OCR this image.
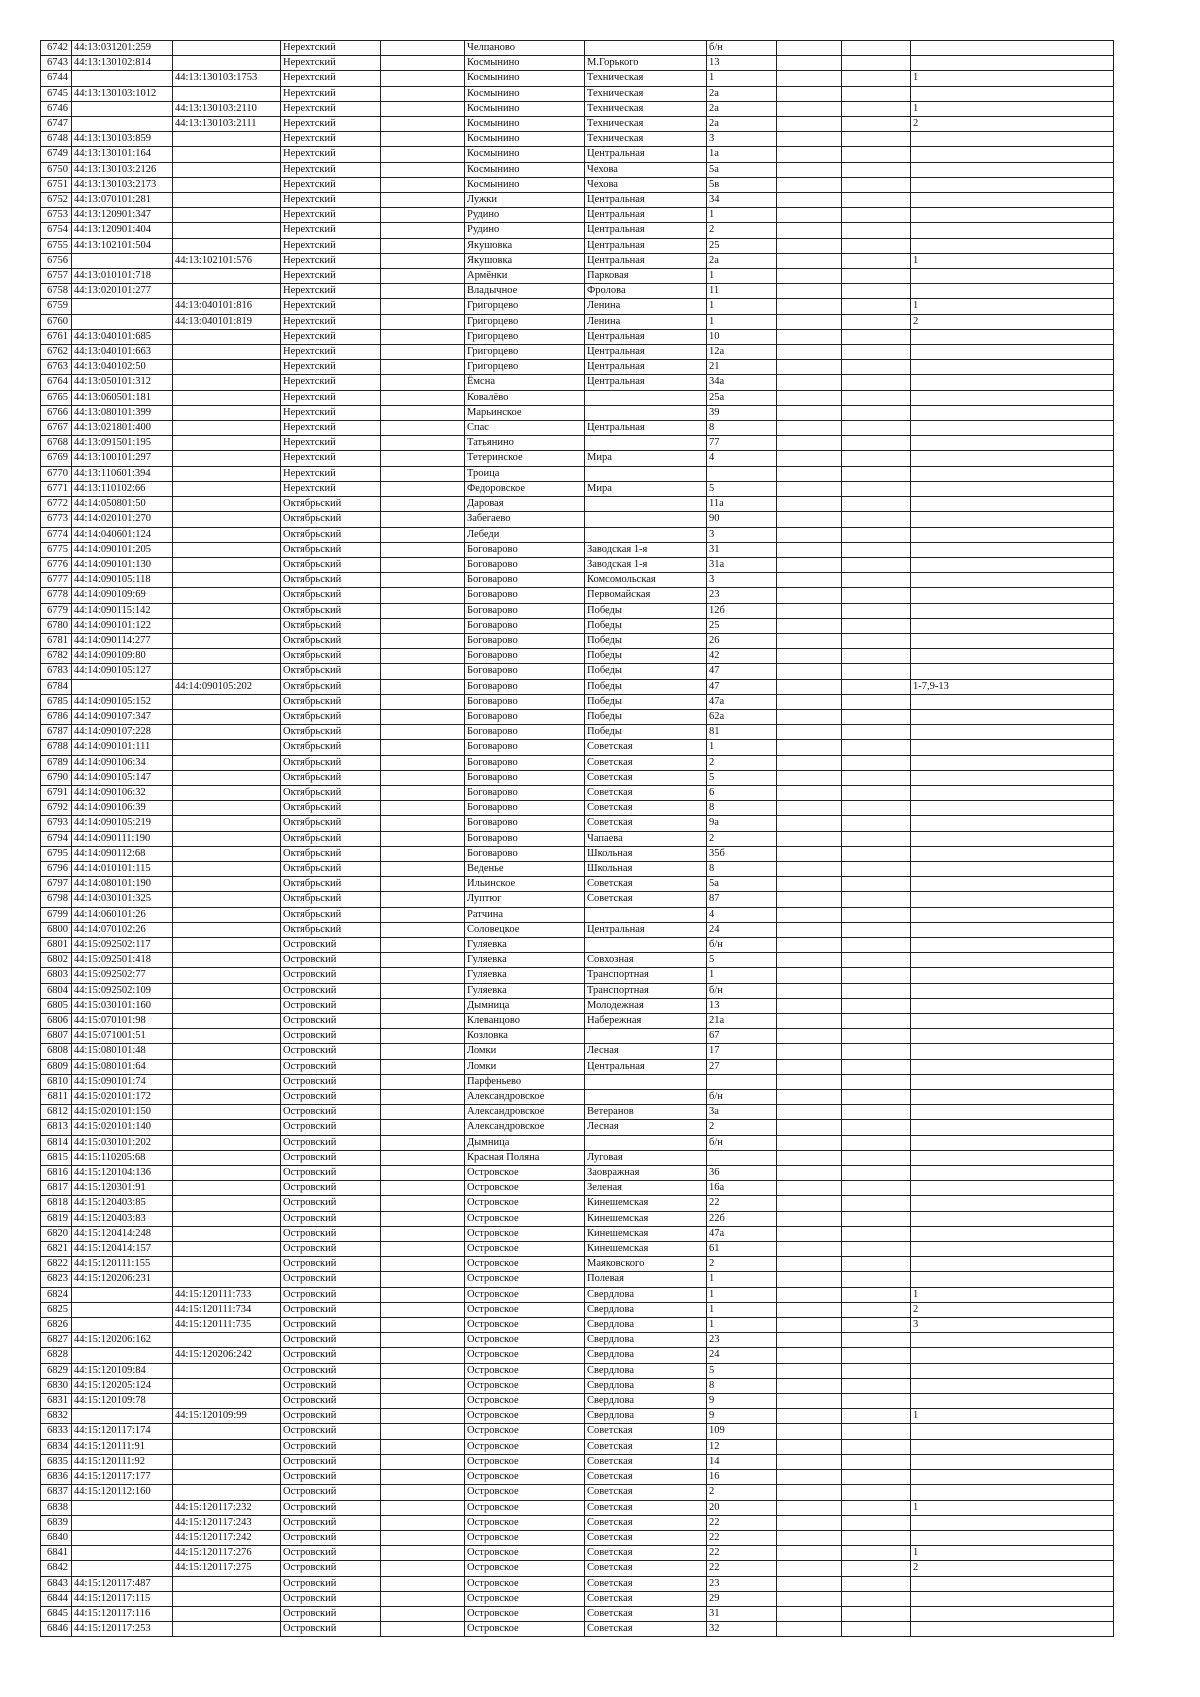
6742	44:13:031201:259		Нерехтский		Челпаново		б/н			
6743	44:13:130102:814		Нерехтский		Космынино	М.Горького	13			
6744		44:13:130103:1753	Нерехтский		Космынино	Техническая	1			1
6745	44:13:130103:1012		Нерехтский		Космынино	Техническая	2а			
6746		44:13:130103:2110	Нерехтский		Космынино	Техническая	2а			1
6747		44:13:130103:2111	Нерехтский		Космынино	Техническая	2а			2
6748	44:13:130103:859		Нерехтский		Космынино	Техническая	3			
6749	44:13:130101:164		Нерехтский		Космынино	Центральная	1а			
6750	44:13:130103:2126		Нерехтский		Космынино	Чехова	5а			
6751	44:13:130103:2173		Нерехтский		Космынино	Чехова	5в			
6752	44:13:070101:281		Нерехтский		Лужки	Центральная	34			
6753	44:13:120901:347		Нерехтский		Рудино	Центральная	1			
6754	44:13:120901:404		Нерехтский		Рудино	Центральная	2			
6755	44:13:102101:504		Нерехтский		Якушовка	Центральная	25			
6756		44:13:102101:576	Нерехтский		Якушовка	Центральная	2а			1
6757	44:13:010101:718		Нерехтский		Армёнки	Парковая	1			
6758	44:13:020101:277		Нерехтский		Владычное	Фролова	11			
6759		44:13:040101:816	Нерехтский		Григорцево	Ленина	1			1
6760		44:13:040101:819	Нерехтский		Григорцево	Ленина	1			2
6761	44:13:040101:685		Нерехтский		Григорцево	Центральная	10			
6762	44:13:040101:663		Нерехтский		Григорцево	Центральная	12а			
6763	44:13:040102:50		Нерехтский		Григорцево	Центральная	21			
6764	44:13:050101:312		Нерехтский		Ёмсна	Центральная	34а			
6765	44:13:060501:181		Нерехтский		Ковалёво		25а			
6766	44:13:080101:399		Нерехтский		Марьинское		39			
6767	44:13:021801:400		Нерехтский		Спас	Центральная	8			
6768	44:13:091501:195		Нерехтский		Татьянино		77			
6769	44:13:100101:297		Нерехтский		Тетеринское	Мира	4			
6770	44:13:110601:394		Нерехтский		Троица					
6771	44:13:110102:66		Нерехтский		Федоровское	Мира	5			
6772	44:14:050801:50		Октябрьский		Даровая		11а			
6773	44:14:020101:270		Октябрьский		Забегаево		90			
6774	44:14:040601:124		Октябрьский		Лебеди		3			
6775	44:14:090101:205		Октябрьский		Боговарово	Заводская 1-я	31			
6776	44:14:090101:130		Октябрьский		Боговарово	Заводская 1-я	31а			
6777	44:14:090105:118		Октябрьский		Боговарово	Комсомольская	3			
6778	44:14:090109:69		Октябрьский		Боговарово	Первомайская	23			
6779	44:14:090115:142		Октябрьский		Боговарово	Победы	12б			
6780	44:14:090101:122		Октябрьский		Боговарово	Победы	25			
6781	44:14:090114:277		Октябрьский		Боговарово	Победы	26			
6782	44:14:090109:80		Октябрьский		Боговарово	Победы	42			
6783	44:14:090105:127		Октябрьский		Боговарово	Победы	47			
6784		44:14:090105:202	Октябрьский		Боговарово	Победы	47			1-7,9-13
6785	44:14:090105:152		Октябрьский		Боговарово	Победы	47а			
6786	44:14:090107:347		Октябрьский		Боговарово	Победы	62а			
6787	44:14:090107:228		Октябрьский		Боговарово	Победы	81			
6788	44:14:090101:111		Октябрьский		Боговарово	Советская	1			
6789	44:14:090106:34		Октябрьский		Боговарово	Советская	2			
6790	44:14:090105:147		Октябрьский		Боговарово	Советская	5			
6791	44:14:090106:32		Октябрьский		Боговарово	Советская	6			
6792	44:14:090106:39		Октябрьский		Боговарово	Советская	8			
6793	44:14:090105:219		Октябрьский		Боговарово	Советская	9а			
6794	44:14:090111:190		Октябрьский		Боговарово	Чапаева	2			
6795	44:14:090112:68		Октябрьский		Боговарово	Школьная	35б			
6796	44:14:010101:115		Октябрьский		Веденье	Школьная	8			
6797	44:14:080101:190		Октябрьский		Ильинское	Советская	5а			
6798	44:14:030101:325		Октябрьский		Луптюг	Советская	87			
6799	44:14:060101:26		Октябрьский		Ратчина		4			
6800	44:14:070102:26		Октябрьский		Соловецкое	Центральная	24			
6801	44:15:092502:117		Островский		Гуляевка		б/н			
6802	44:15:092501:418		Островский		Гуляевка	Совхозная	5			
6803	44:15:092502:77		Островский		Гуляевка	Транспортная	1			
6804	44:15:092502:109		Островский		Гуляевка	Транспортная	б/н			
6805	44:15:030101:160		Островский		Дымница	Молодежная	13			
6806	44:15:070101:98		Островский		Клеванцово	Набережная	21а			
6807	44:15:071001:51		Островский		Козловка		67			
6808	44:15:080101:48		Островский		Ломки	Лесная	17			
6809	44:15:080101:64		Островский		Ломки	Центральная	27			
6810	44:15:090101:74		Островский		Парфеньево					
6811	44:15:020101:172		Островский		Александровское		б/н			
6812	44:15:020101:150		Островский		Александровское	Ветеранов	3а			
6813	44:15:020101:140		Островский		Александровское	Лесная	2			
6814	44:15:030101:202		Островский		Дымница		б/н			
6815	44:15:110205:68		Островский		Красная Поляна	Луговая				
6816	44:15:120104:136		Островский		Островское	Заовражная	36			
6817	44:15:120301:91		Островский		Островское	Зеленая	16а			
6818	44:15:120403:85		Островский		Островское	Кинешемская	22			
6819	44:15:120403:83		Островский		Островское	Кинешемская	22б			
6820	44:15:120414:248		Островский		Островское	Кинешемская	47а			
6821	44:15:120414:157		Островский		Островское	Кинешемская	61			
6822	44:15:120111:155		Островский		Островское	Маяковского	2			
6823	44:15:120206:231		Островский		Островское	Полевая	1			
6824		44:15:120111:733	Островский		Островское	Свердлова	1			1
6825		44:15:120111:734	Островский		Островское	Свердлова	1			2
6826		44:15:120111:735	Островский		Островское	Свердлова	1			3
6827	44:15:120206:162		Островский		Островское	Свердлова	23			
6828		44:15:120206:242	Островский		Островское	Свердлова	24			
6829	44:15:120109:84		Островский		Островское	Свердлова	5			
6830	44:15:120205:124		Островский		Островское	Свердлова	8			
6831	44:15:120109:78		Островский		Островское	Свердлова	9			
6832		44:15:120109:99	Островский		Островское	Свердлова	9			1
6833	44:15:120117:174		Островский		Островское	Советская	109			
6834	44:15:120111:91		Островский		Островское	Советская	12			
6835	44:15:120111:92		Островский		Островское	Советская	14			
6836	44:15:120117:177		Островский		Островское	Советская	16			
6837	44:15:120112:160		Островский		Островское	Советская	2			
6838		44:15:120117:232	Островский		Островское	Советская	20			1
6839		44:15:120117:243	Островский		Островское	Советская	22			
6840		44:15:120117:242	Островский		Островское	Советская	22			
6841		44:15:120117:276	Островский		Островское	Советская	22			1
6842		44:15:120117:275	Островский		Островское	Советская	22			2
6843	44:15:120117:487		Островский		Островское	Советская	23			
6844	44:15:120117:115		Островский		Островское	Советская	29			
6845	44:15:120117:116		Островский		Островское	Советская	31			
6846	44:15:120117:253		Островский		Островское	Советская	32			
